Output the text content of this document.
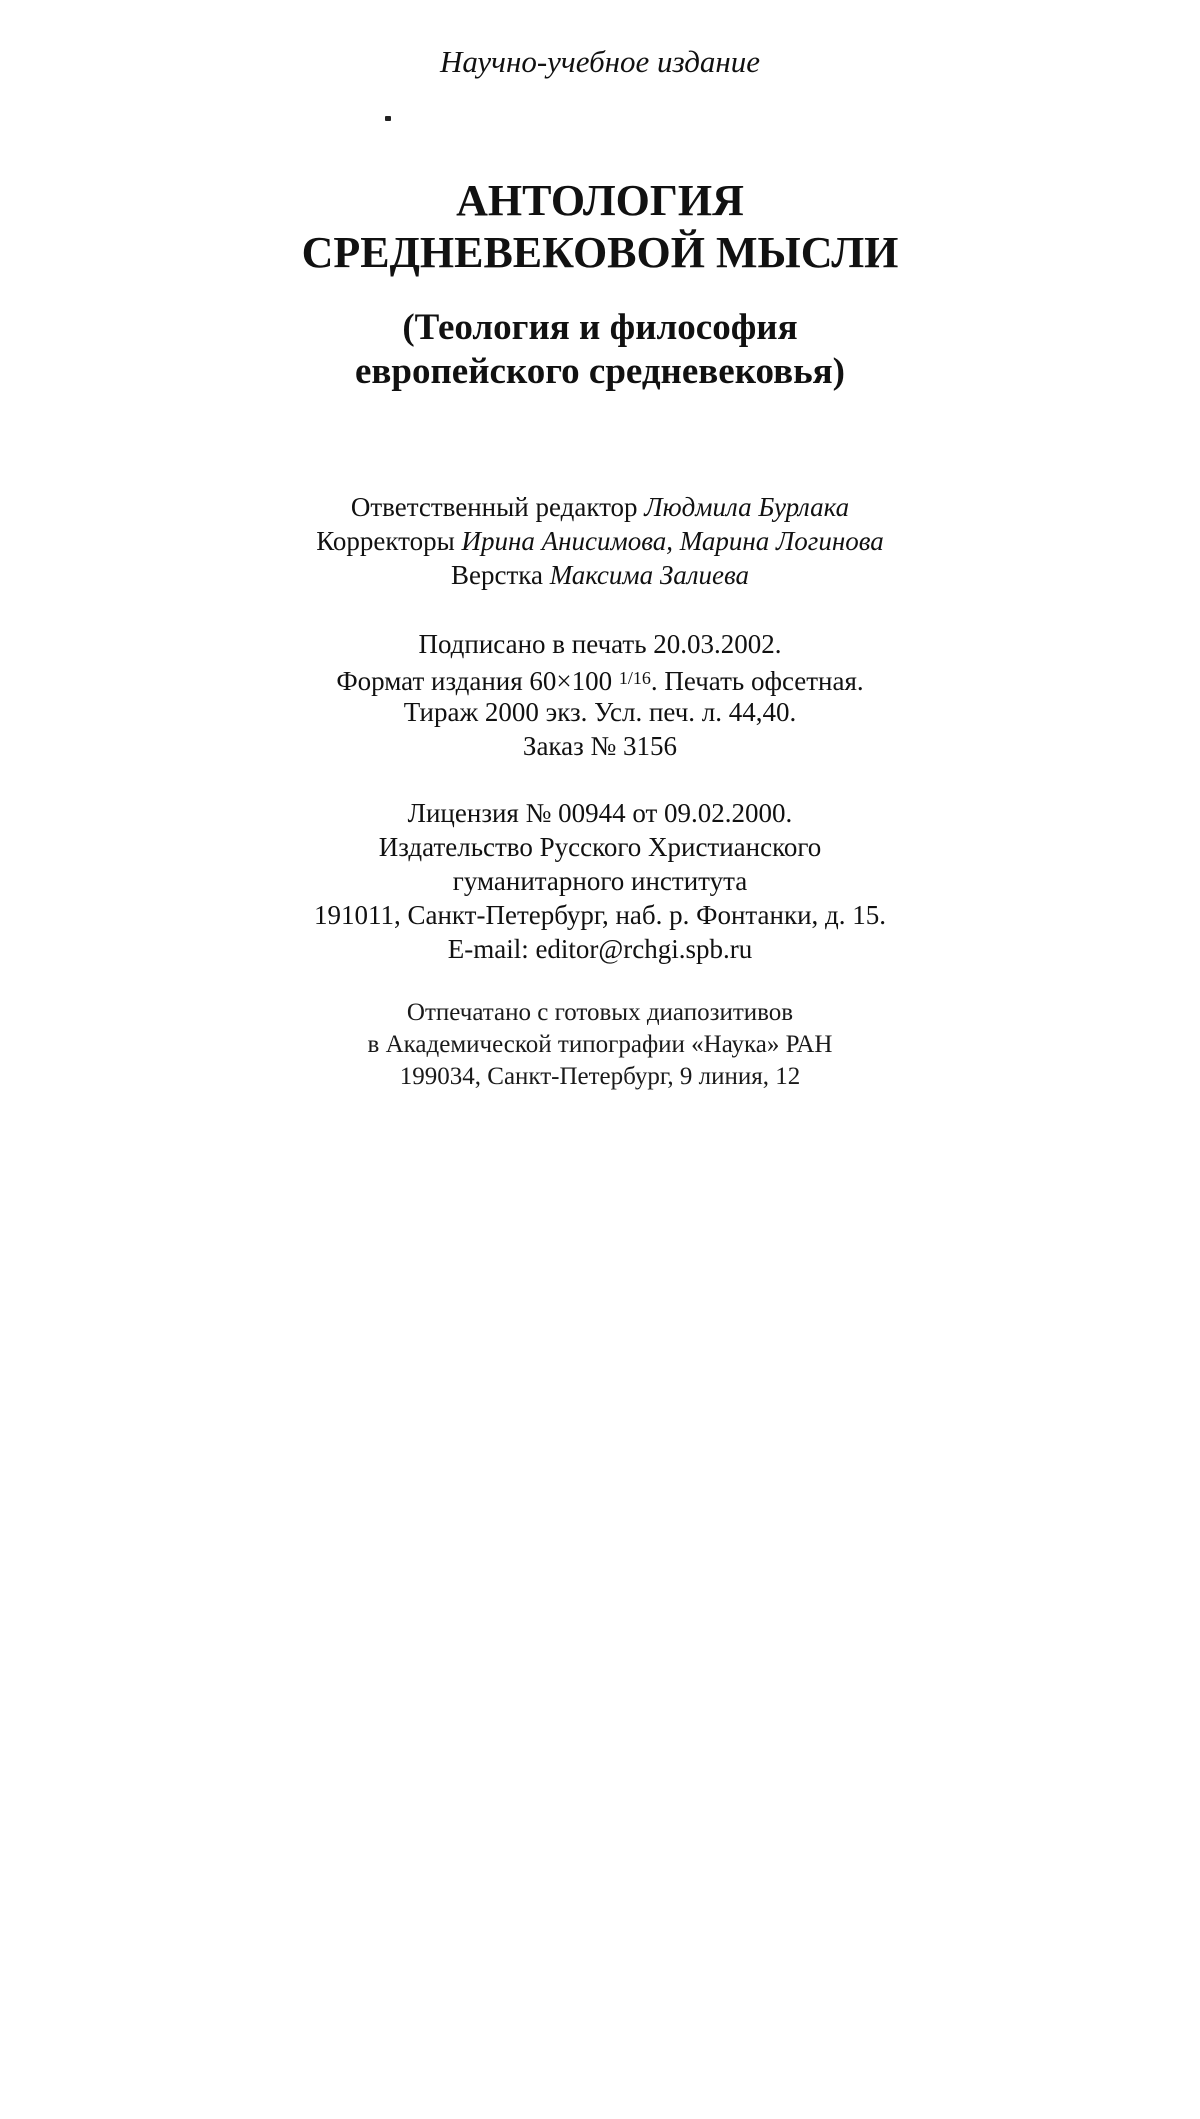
Научно-учебное издание
АНТОЛОГИЯ
СРЕДНЕВЕКОВОЙ МЫСЛИ
(Теология и философия
европейского средневековья)
Ответственный редактор Людмила Бурлака
Корректоры Ирина Анисимова, Марина Логинова
Верстка Максима Залиева
Подписано в печать 20.03.2002.
Формат издания 60×100 $^{1/16}$. Печать офсетная.
Тираж 2000 экз. Усл. печ. л. 44,40.
Заказ № 3156
Лицензия № 00944 от 09.02.2000.
Издательство Русского Христианского
гуманитарного института
191011, Санкт-Петербург, наб. р. Фонтанки, д. 15.
E-mail: editor@rchgi.spb.ru
Отпечатано с готовых диапозитивов
в Академической типографии «Наука» РАН
199034, Санкт-Петербург, 9 линия, 12
